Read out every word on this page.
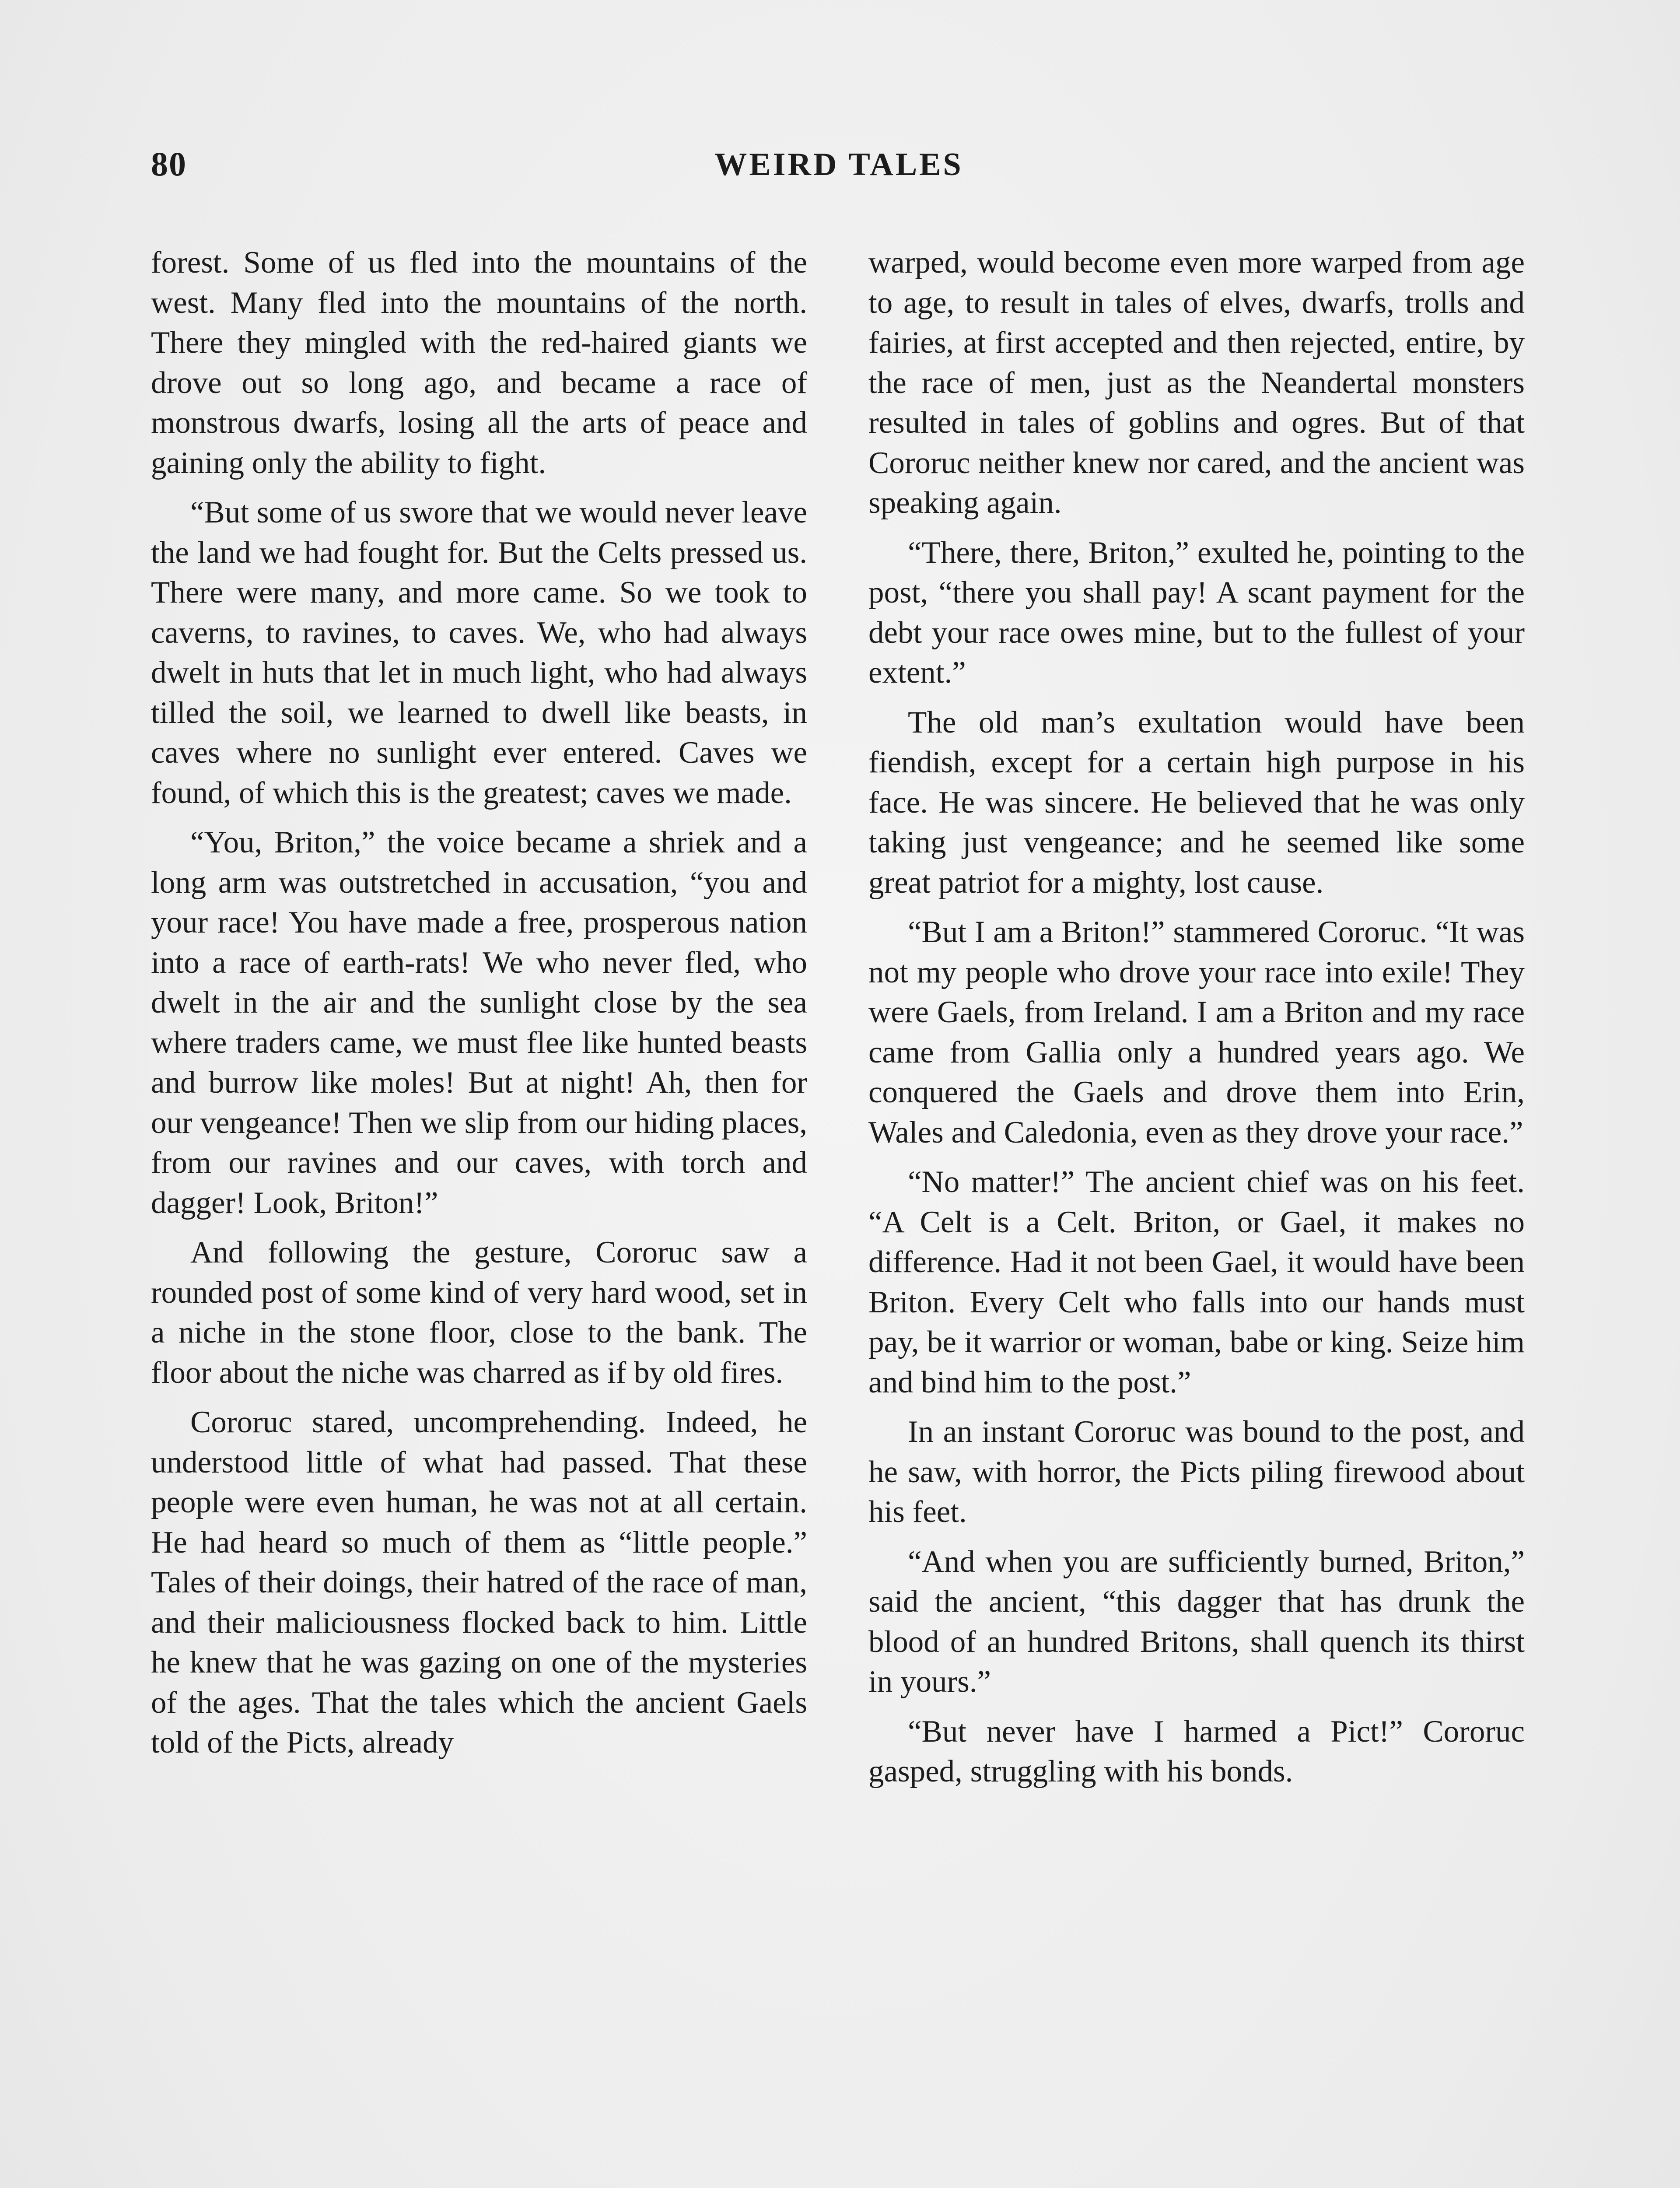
80	WEIRD TALES

forest. Some of us fled into the mountains of the west. Many fled into the mountains of the north. There they mingled with the red-haired giants we drove out so long ago, and became a race of monstrous dwarfs, losing all the arts of peace and gaining only the ability to fight.

“But some of us swore that we would never leave the land we had fought for. But the Celts pressed us. There were many, and more came. So we took to caverns, to ravines, to caves. We, who had always dwelt in huts that let in much light, who had always tilled the soil, we learned to dwell like beasts, in caves where no sunlight ever entered. Caves we found, of which this is the greatest; caves we made.

“You, Briton,” the voice became a shriek and a long arm was outstretched in accusation, “you and your race! You have made a free, prosperous nation into a race of earth-rats! We who never fled, who dwelt in the air and the sunlight close by the sea where traders came, we must flee like hunted beasts and burrow like moles! But at night! Ah, then for our vengeance! Then we slip from our hiding places, from our ravines and our caves, with torch and dagger! Look, Briton!”

And following the gesture, Cororuc saw a rounded post of some kind of very hard wood, set in a niche in the stone floor, close to the bank. The floor about the niche was charred as if by old fires.

Cororuc stared, uncomprehending. Indeed, he understood little of what had passed. That these people were even human, he was not at all certain. He had heard so much of them as “little people.” Tales of their doings, their hatred of the race of man, and their maliciousness flocked back to him. Little he knew that he was gazing on one of the mysteries of the ages. That the tales which the ancient Gaels told of the Picts, already

warped, would become even more warped from age to age, to result in tales of elves, dwarfs, trolls and fairies, at first accepted and then rejected, entire, by the race of men, just as the Neandertal monsters resulted in tales of goblins and ogres. But of that Cororuc neither knew nor cared, and the ancient was speaking again.

“There, there, Briton,” exulted he, pointing to the post, “there you shall pay! A scant payment for the debt your race owes mine, but to the fullest of your extent.”

The old man’s exultation would have been fiendish, except for a certain high purpose in his face. He was sincere. He believed that he was only taking just vengeance; and he seemed like some great patriot for a mighty, lost cause.

“But I am a Briton!” stammered Cororuc. “It was not my people who drove your race into exile! They were Gaels, from Ireland. I am a Briton and my race came from Gallia only a hundred years ago. We conquered the Gaels and drove them into Erin, Wales and Caledonia, even as they drove your race.”

“No matter!” The ancient chief was on his feet. “A Celt is a Celt. Briton, or Gael, it makes no difference. Had it not been Gael, it would have been Briton. Every Celt who falls into our hands must pay, be it warrior or woman, babe or king. Seize him and bind him to the post.”

In an instant Cororuc was bound to the post, and he saw, with horror, the Picts piling firewood about his feet.

“And when you are sufficiently burned, Briton,” said the ancient, “this dagger that has drunk the blood of an hundred Britons, shall quench its thirst in yours.”

“But never have I harmed a Pict!” Cororuc gasped, struggling with his bonds.
